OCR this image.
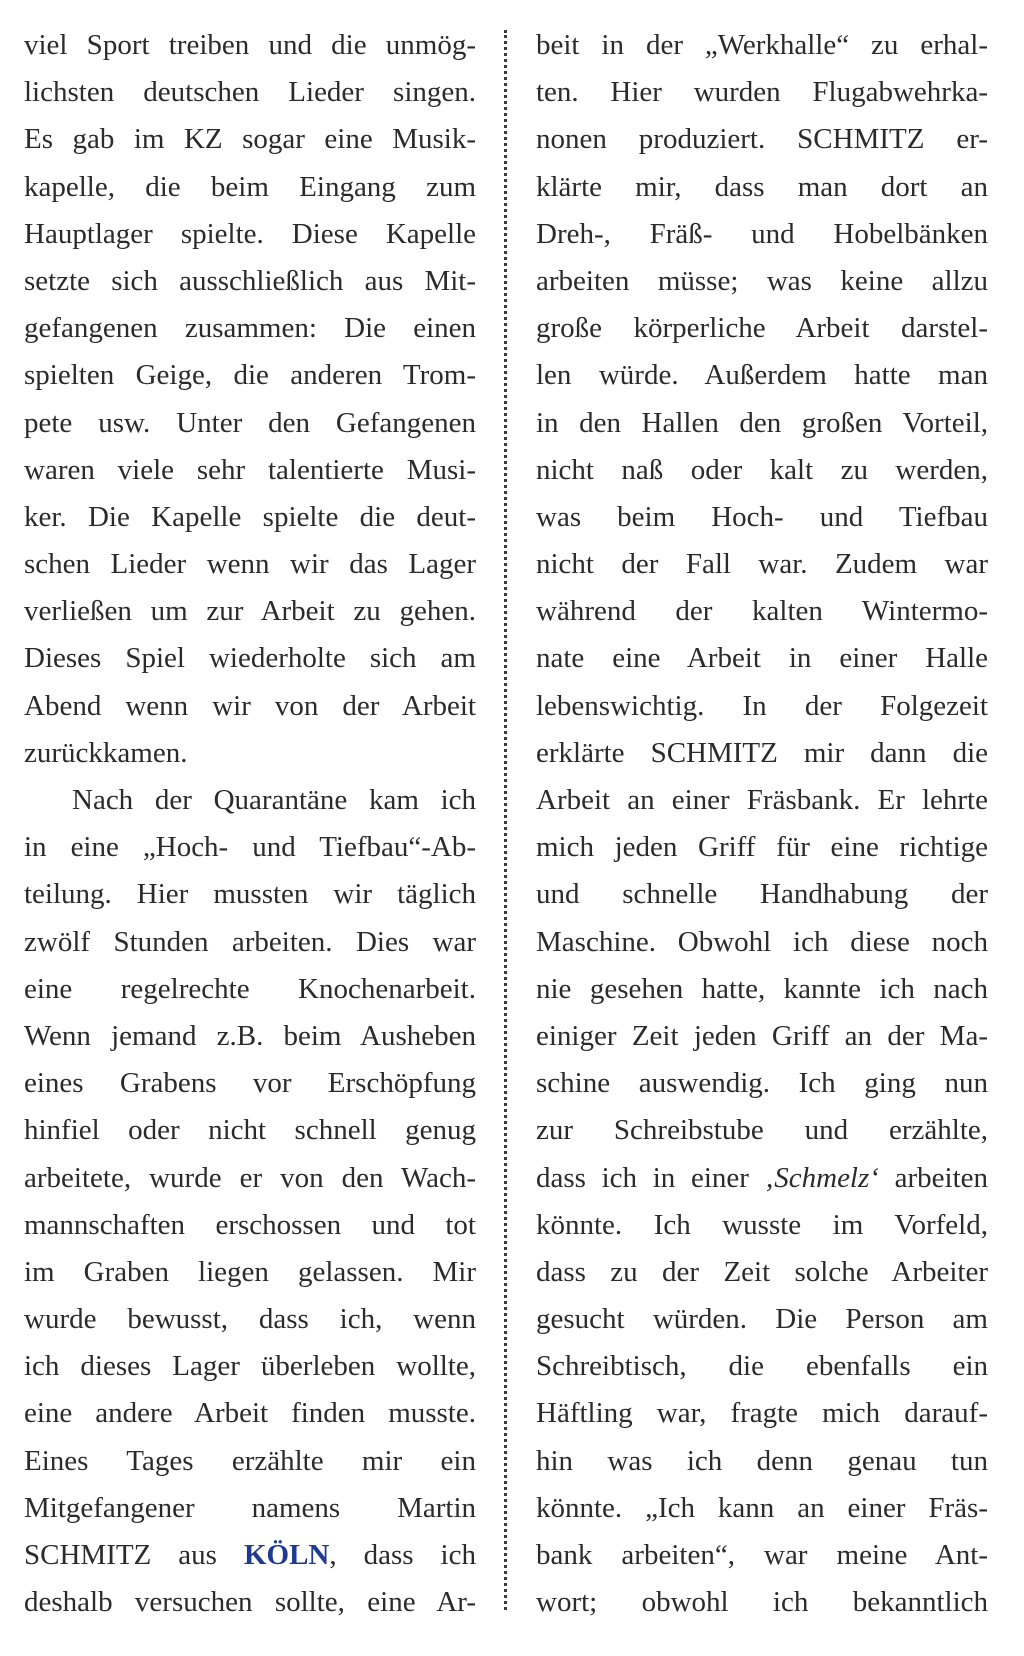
viel Sport treiben und die unmög-
lichsten deutschen Lieder singen.
Es gab im KZ sogar eine Musik-
kapelle, die beim Eingang zum
Hauptlager spielte. Diese Kapelle
setzte sich ausschließlich aus Mit-
gefangenen zusammen: Die einen
spielten Geige, die anderen Trom-
pete usw. Unter den Gefangenen
waren viele sehr talentierte Musi-
ker. Die Kapelle spielte die deut-
schen Lieder wenn wir das Lager
verließen um zur Arbeit zu gehen.
Dieses Spiel wiederholte sich am
Abend wenn wir von der Arbeit
zurückkamen.
Nach der Quarantäne kam ich
in eine „Hoch- und Tiefbau“-Ab-
teilung. Hier mussten wir täglich
zwölf Stunden arbeiten. Dies war
eine regelrechte Knochenarbeit.
Wenn jemand z.B. beim Ausheben
eines Grabens vor Erschöpfung
hinfiel oder nicht schnell genug
arbeitete, wurde er von den Wach-
mannschaften erschossen und tot
im Graben liegen gelassen. Mir
wurde bewusst, dass ich, wenn
ich dieses Lager überleben wollte,
eine andere Arbeit finden musste.
Eines Tages erzählte mir ein
Mitgefangener namens Martin
SCHMITZ aus KÖLN, dass ich
deshalb versuchen sollte, eine Ar-
beit in der „Werkhalle“ zu erhal-
ten. Hier wurden Flugabwehrka-
nonen produziert. SCHMITZ er-
klärte mir, dass man dort an
Dreh-, Fräß- und Hobelbänken
arbeiten müsse; was keine allzu
große körperliche Arbeit darstel-
len würde. Außerdem hatte man
in den Hallen den großen Vorteil,
nicht naß oder kalt zu werden,
was beim Hoch- und Tiefbau
nicht der Fall war. Zudem war
während der kalten Wintermo-
nate eine Arbeit in einer Halle
lebenswichtig. In der Folgezeit
erklärte SCHMITZ mir dann die
Arbeit an einer Fräsbank. Er lehrte
mich jeden Griff für eine richtige
und schnelle Handhabung der
Maschine. Obwohl ich diese noch
nie gesehen hatte, kannte ich nach
einiger Zeit jeden Griff an der Ma-
schine auswendig. Ich ging nun
zur Schreibstube und erzählte,
dass ich in einer ‚Schmelz‘ arbeiten
könnte. Ich wusste im Vorfeld,
dass zu der Zeit solche Arbeiter
gesucht würden. Die Person am
Schreibtisch, die ebenfalls ein
Häftling war, fragte mich darauf-
hin was ich denn genau tun
könnte. „Ich kann an einer Fräs-
bank arbeiten“, war meine Ant-
wort; obwohl ich bekanntlich
